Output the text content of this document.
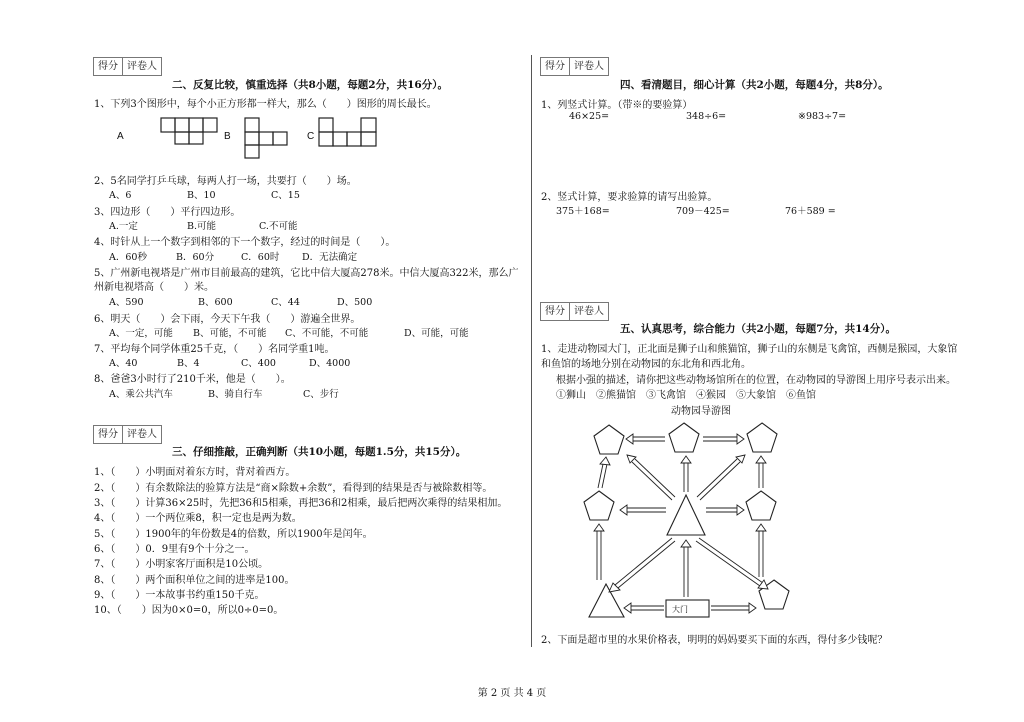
得分 评卷人
二、反复比较，慎重选择（共8小题，每题2分，共16分）。
1、下列3个图形中，每个小正方形都一样大，那么（　　）图形的周长最长。
A	B	C
2、5名同学打乒乓球，每两人打一场，共要打（　　）场。
A、6	B、10	C、15
3、四边形（　　）平行四边形。
A.一定	B.可能	C.不可能
4、时针从上一个数字到相邻的下一个数字，经过的时间是（　　）。
A．60秒	B．60分	C．60时 D．无法确定
5、广州新电视塔是广州市目前最高的建筑，它比中信大厦高278米。中信大厦高322米，那么广
州新电视塔高（　　）米。
A、590	B、600	C、44	D、500
6、明天（　　）会下雨，今天下午我（　　）游遍全世界。
A、一定，可能 B、可能，不可能 C、不可能，不可能	D、可能，可能
7、平均每个同学体重25千克，（　　）名同学重1吨。
A、40	B、4	C、400	D、4000
8、爸爸3小时行了210千米，他是（　　）。
A、乘公共汽车	B、骑自行车	C、步行
得分 评卷人
三、仔细推敲，正确判断（共10小题，每题1.5分，共15分）。
1、（　　）小明面对着东方时，背对着西方。
2、（　　）有余数除法的验算方法是“商×除数+余数”，看得到的结果是否与被除数相等。
3、（　　）计算36×25时，先把36和5相乘，再把36和2相乘，最后把两次乘得的结果相加。
4、（　　）一个两位乘8，积一定也是两为数。
5、（　　）1900年的年份数是4的倍数，所以1900年是闰年。
6、（　　）0．9里有9个十分之一。
7、（　　）小明家客厅面积是10公顷。
8、（　　）两个面积单位之间的进率是100。
9、（　　）一本故事书约重150千克。
10、（　　）因为0×0=0，所以0÷0=0。
得分 评卷人
四、看清题目，细心计算（共2小题，每题4分，共8分）。
1、列竖式计算。（带※的要验算）
46×25=	348÷6=	※983÷7=
2、竖式计算，要求验算的请写出验算。
375＋168=	709－425=	76＋589 =
得分 评卷人
五、认真思考，综合能力（共2小题，每题7分，共14分）。
1、走进动物园大门，正北面是狮子山和熊猫馆，狮子山的东侧是飞禽馆，西侧是猴园，大象馆
和鱼馆的场地分别在动物园的东北角和西北角。
根据小强的描述，请你把这些动物场馆所在的位置，在动物园的导游图上用序号表示出来。
①狮山　②熊猫馆　③飞禽馆　④猴园　⑤大象馆　⑥鱼馆
动物园导游图
大门
2、下面是超市里的水果价格表，明明的妈妈要买下面的东西，得付多少钱呢？
第 2 页 共 4 页
